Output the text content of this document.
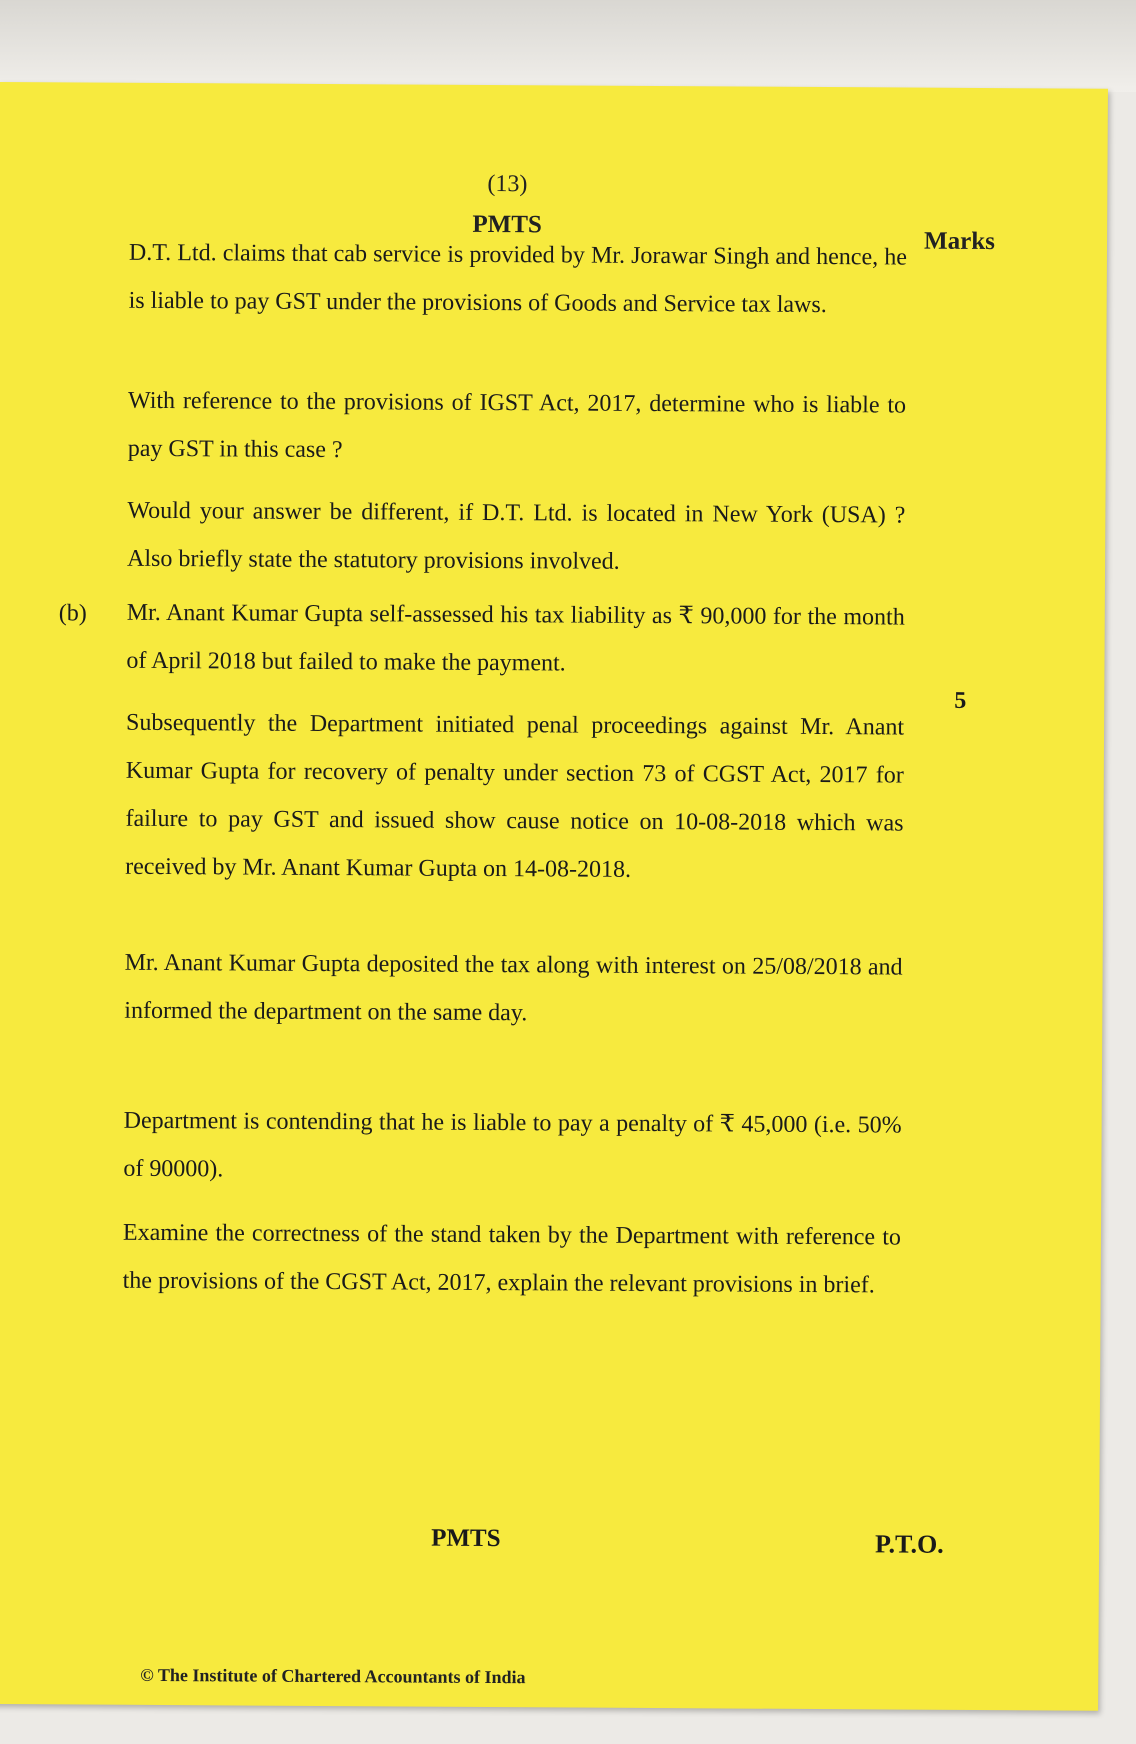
(13)
PMTS
Marks
D.T. Ltd. claims that cab service is provided by Mr. Jorawar Singh and hence, he is liable to pay GST under the provisions of Goods and Service tax laws.
With reference to the provisions of IGST Act, 2017, determine who is liable to pay GST in this case ?
Would your answer be different, if D.T. Ltd. is located in New York (USA) ? Also briefly state the statutory provisions involved.
(b)
5
Mr. Anant Kumar Gupta self-assessed his tax liability as ₹ 90,000 for the month of April 2018 but failed to make the payment.
Subsequently the Department initiated penal proceedings against Mr. Anant Kumar Gupta for recovery of penalty under section 73 of CGST Act, 2017 for failure to pay GST and issued show cause notice on 10-08-2018 which was received by Mr. Anant Kumar Gupta on 14-08-2018.
Mr. Anant Kumar Gupta deposited the tax along with interest on 25/08/2018 and informed the department on the same day.
Department is contending that he is liable to pay a penalty of ₹ 45,000 (i.e. 50% of 90000).
Examine the correctness of the stand taken by the Department with reference to the provisions of the CGST Act, 2017, explain the relevant provisions in brief.
PMTS	P.T.O.
© The Institute of Chartered Accountants of India
